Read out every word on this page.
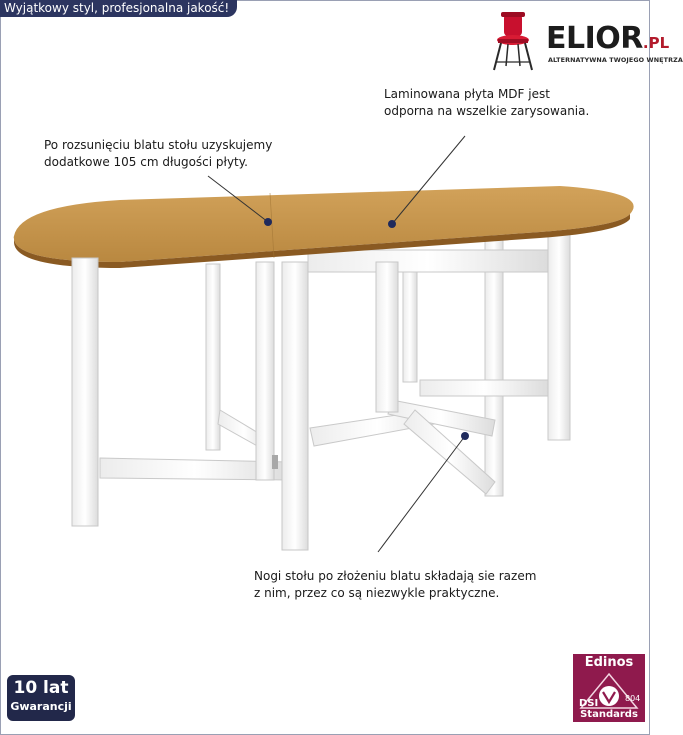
Wyjątkowy styl, profesjonalna jakość!
ELIOR.PL
ALTERNATYWNA TWOJEGO WNĘTRZA
Laminowana płyta MDF jest
odporna na wszelkie zarysowania.
Po rozsunięciu blatu stołu uzyskujemy
dodatkowe 105 cm długości płyty.
Nogi stołu po złożeniu blatu składają sie razem
z nim, przez co są niezwykle praktyczne.
10 lat
Gwarancji
Edinos
DSI	804
Standards
